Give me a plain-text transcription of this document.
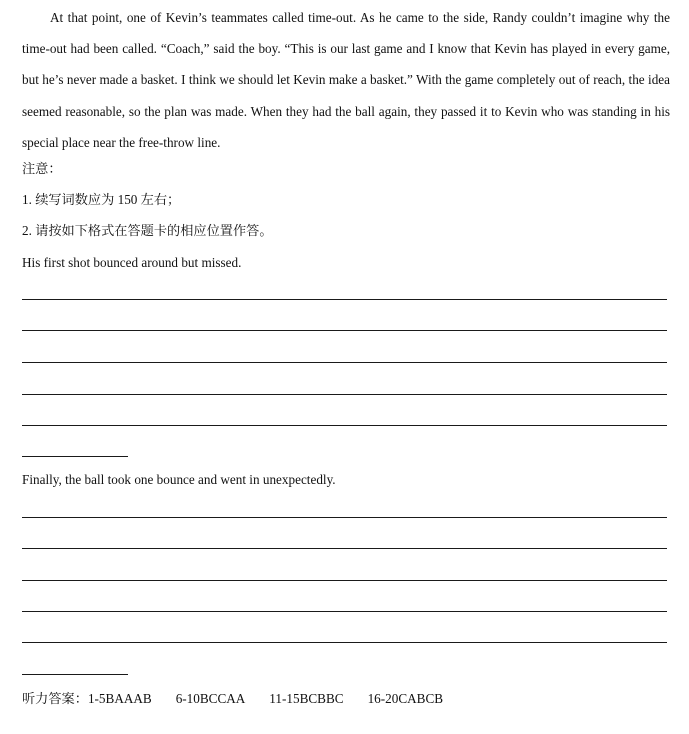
At that point, one of Kevin’s teammates called time-out. As he came to the side, Randy couldn’t imagine why the time-out had been called. “Coach,” said the boy. “This is our last game and I know that Kevin has played in every game, but he’s never made a basket. I think we should let Kevin make a basket.” With the game completely out of reach, the idea seemed reasonable, so the plan was made. When they had the ball again, they passed it to Kevin who was standing in his special place near the free-throw line.

注意：

1. 续写词数应为 150 左右；

2. 请按如下格式在答题卡的相应位置作答。

His first shot bounced around but missed.

Finally, the ball took one bounce and went in unexpectedly.

听力答案：1-5BAAAB 6-10BCCAA 11-15BCBBC 16-20CABCB
